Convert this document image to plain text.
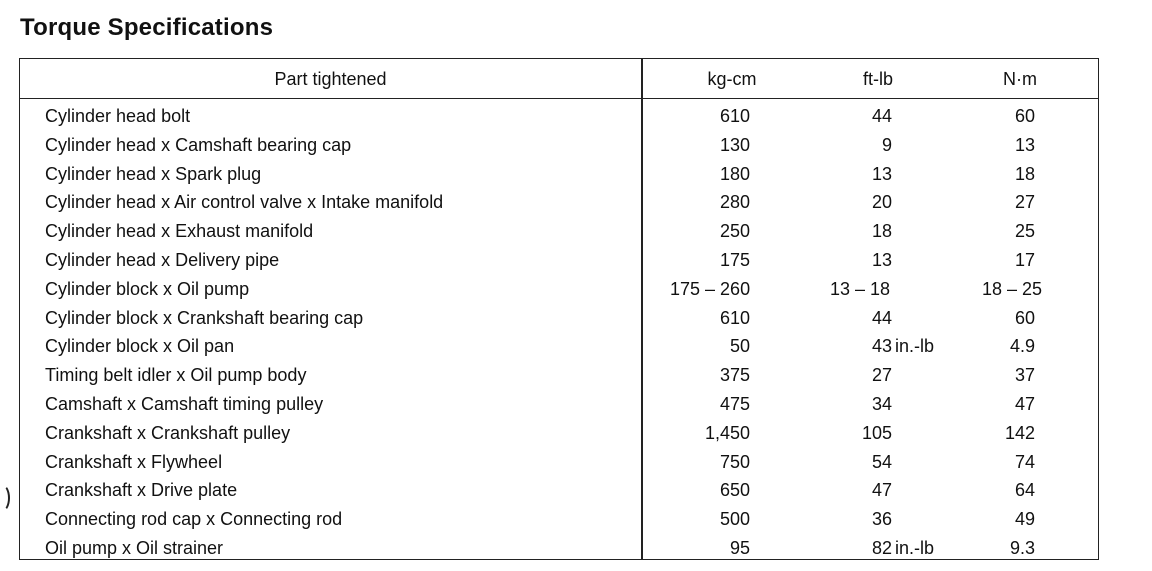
Torque Specifications
Part tightened	kg-cm	ft-lb	N·m
Cylinder head bolt	610	44	60
Cylinder head x Camshaft bearing cap	130	9	13
Cylinder head x Spark plug	180	13	18
Cylinder head x Air control valve x Intake manifold	280	20	27
Cylinder head x Exhaust manifold	250	18	25
Cylinder head x Delivery pipe	175	13	17
Cylinder block x Oil pump	175 – 260	13 – 18	18 – 25
Cylinder block x Crankshaft bearing cap	610	44	60
Cylinder block x Oil pan	50	43 in.-lb	4.9
Timing belt idler x Oil pump body	375	27	37
Camshaft x Camshaft timing pulley	475	34	47
Crankshaft x Crankshaft pulley	1,450	105	142
Crankshaft x Flywheel	750	54	74
Crankshaft x Drive plate	650	47	64
Connecting rod cap x Connecting rod	500	36	49
Oil pump x Oil strainer	95	82 in.-lb	9.3
